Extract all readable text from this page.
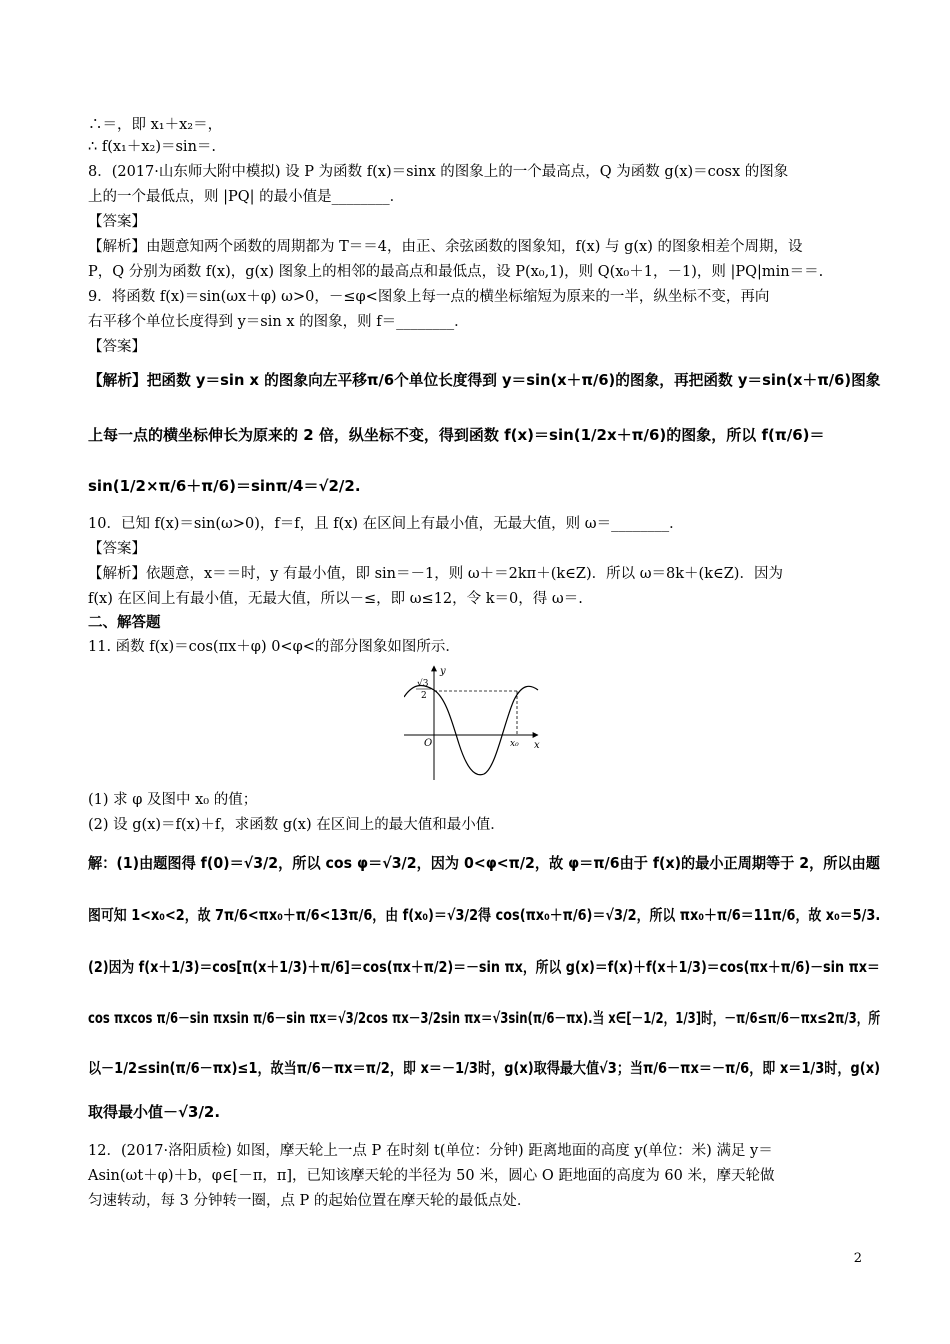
∴＝，即 x₁＋x₂＝，
∴ f(x₁＋x₂)＝sin＝.
8．(2017·山东师大附中模拟) 设 P 为函数 f(x)＝sinx 的图象上的一个最高点，Q 为函数 g(x)＝cosx 的图象
上的一个最低点，则 |PQ| 的最小值是________．
【答案】
【解析】由题意知两个函数的周期都为 T＝＝4，由正、余弦函数的图象知，f(x) 与 g(x) 的图象相差个周期，设
P，Q 分别为函数 f(x)，g(x) 图象上的相邻的最高点和最低点，设 P(x₀,1)，则 Q(x₀＋1，－1)，则 |PQ|min＝＝.
9．将函数 f(x)＝sin(ωx＋φ) ω>0，－≤φ<图象上每一点的横坐标缩短为原来的一半，纵坐标不变，再向
右平移个单位长度得到 y＝sin x 的图象，则 f＝________．
【答案】
【解析】把函数 y＝sin x 的图象向左平移π/6个单位长度得到 y＝sin(x＋π/6)的图象，再把函数 y＝sin(x＋π/6)图象
上每一点的横坐标伸长为原来的 2 倍，纵坐标不变，得到函数 f(x)＝sin(1/2x＋π/6)的图象，所以 f(π/6)＝
sin(1/2×π/6＋π/6)＝sinπ/4＝√2/2.
10．已知 f(x)＝sin(ω>0)，f＝f，且 f(x) 在区间上有最小值，无最大值，则 ω＝________．
【答案】
【解析】依题意，x＝＝时，y 有最小值，即 sin＝－1，则 ω＋＝2kπ＋(k∈Z)．所以 ω＝8k＋(k∈Z)．因为
f(x) 在区间上有最小值，无最大值，所以－≤，即 ω≤12，令 k＝0，得 ω＝.
二、解答题
11. 函数 f(x)＝cos(πx＋φ) 0<φ<的部分图象如图所示．
y
x
O
√3
2
x₀
(1) 求 φ 及图中 x₀ 的值；
(2) 设 g(x)＝f(x)＋f，求函数 g(x) 在区间上的最大值和最小值．
解：(1)由题图得 f(0)＝√3/2，所以 cos φ＝√3/2，因为 0<φ<π/2，故 φ＝π/6由于 f(x)的最小正周期等于 2，所以由题
图可知 1<x₀<2，故 7π/6<πx₀＋π/6<13π/6，由 f(x₀)＝√3/2得 cos(πx₀＋π/6)＝√3/2，所以 πx₀＋π/6＝11π/6，故 x₀＝5/3.
(2)因为 f(x＋1/3)＝cos[π(x＋1/3)＋π/6]＝cos(πx＋π/2)＝－sin πx，所以 g(x)＝f(x)＋f(x＋1/3)＝cos(πx＋π/6)－sin πx＝
cos πxcos π/6－sin πxsin π/6－sin πx＝√3/2cos πx－3/2sin πx＝√3sin(π/6－πx).当 x∈[－1/2，1/3]时，－π/6≤π/6－πx≤2π/3，所
以－1/2≤sin(π/6－πx)≤1，故当π/6－πx＝π/2，即 x＝－1/3时，g(x)取得最大值√3；当π/6－πx＝－π/6，即 x＝1/3时，g(x)
取得最小值－√3/2.
12．(2017·洛阳质检) 如图，摩天轮上一点 P 在时刻 t(单位：分钟) 距离地面的高度 y(单位：米) 满足 y＝
Asin(ωt＋φ)＋b，φ∈[－π，π]，已知该摩天轮的半径为 50 米，圆心 O 距地面的高度为 60 米，摩天轮做
匀速转动，每 3 分钟转一圈，点 P 的起始位置在摩天轮的最低点处．
2
